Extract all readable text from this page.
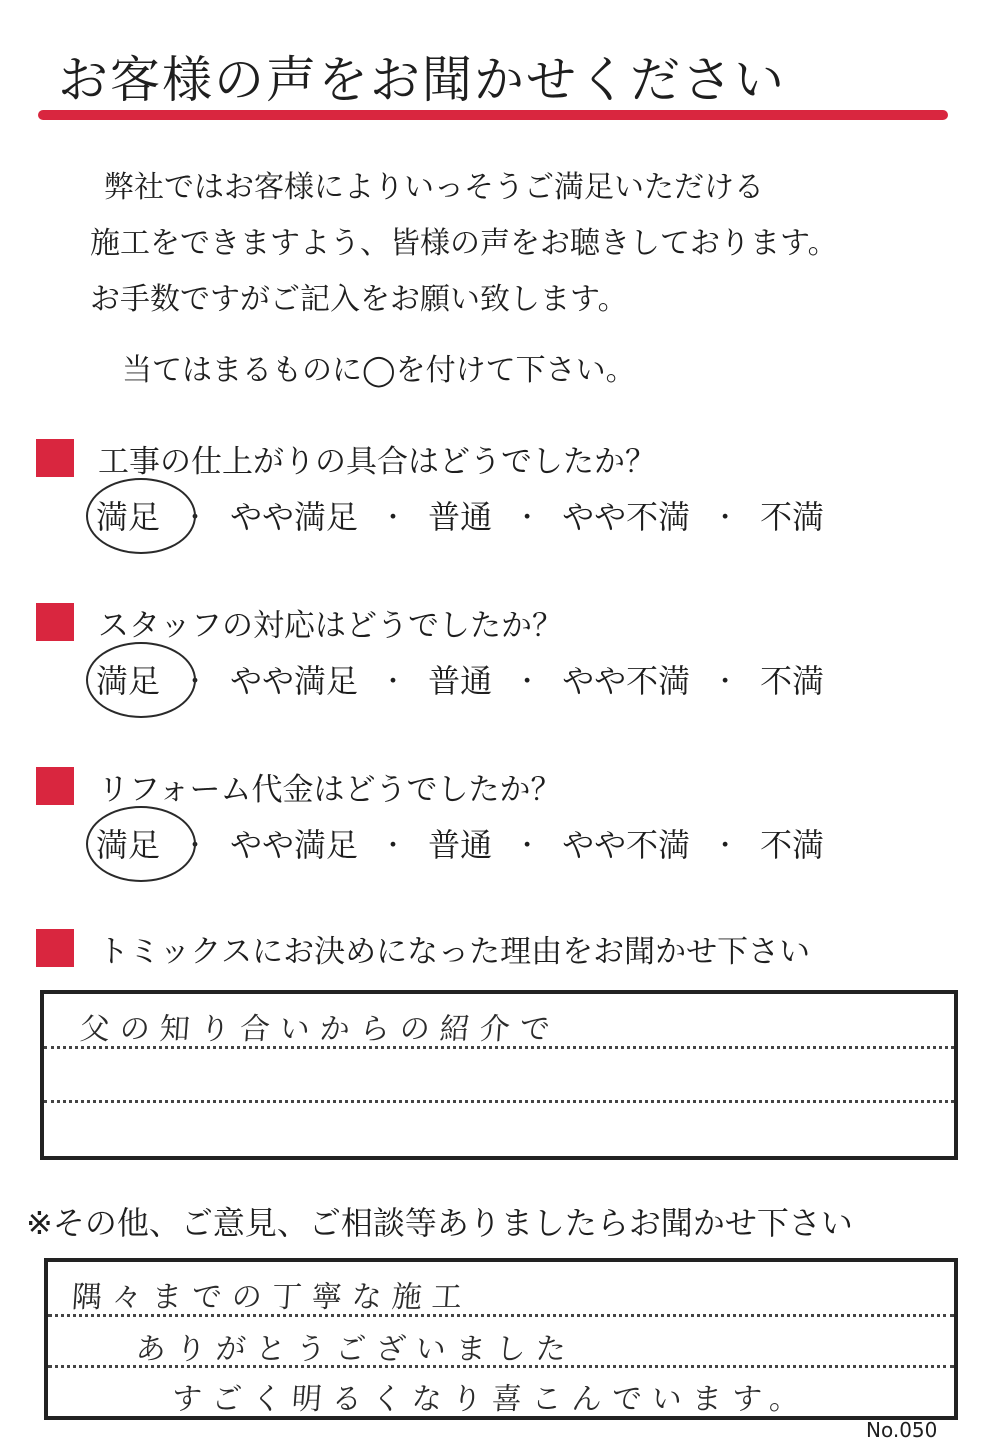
お客様の声をお聞かせください
弊社ではお客様によりいっそうご満足いただける
施工をできますよう、皆様の声をお聴きしております。
お手数ですがご記入をお願い致します。
当てはまるものに◯を付けて下さい。
工事の仕上がりの具合はどうでしたか？
満足 ・ やや満足 ・ 普通 ・ やや不満 ・ 不満
スタッフの対応はどうでしたか？
満足 ・ やや満足 ・ 普通 ・ やや不満 ・ 不満
リフォーム代金はどうでしたか？
満足 ・ やや満足 ・ 普通 ・ やや不満 ・ 不満
トミックスにお決めになった理由をお聞かせ下さい
父の知り合いからの紹介で
※その他、ご意見、ご相談等ありましたらお聞かせ下さい
隅々までの丁寧な施工
ありがとうございました
すごく明るくなり喜こんでいます。
No.050
